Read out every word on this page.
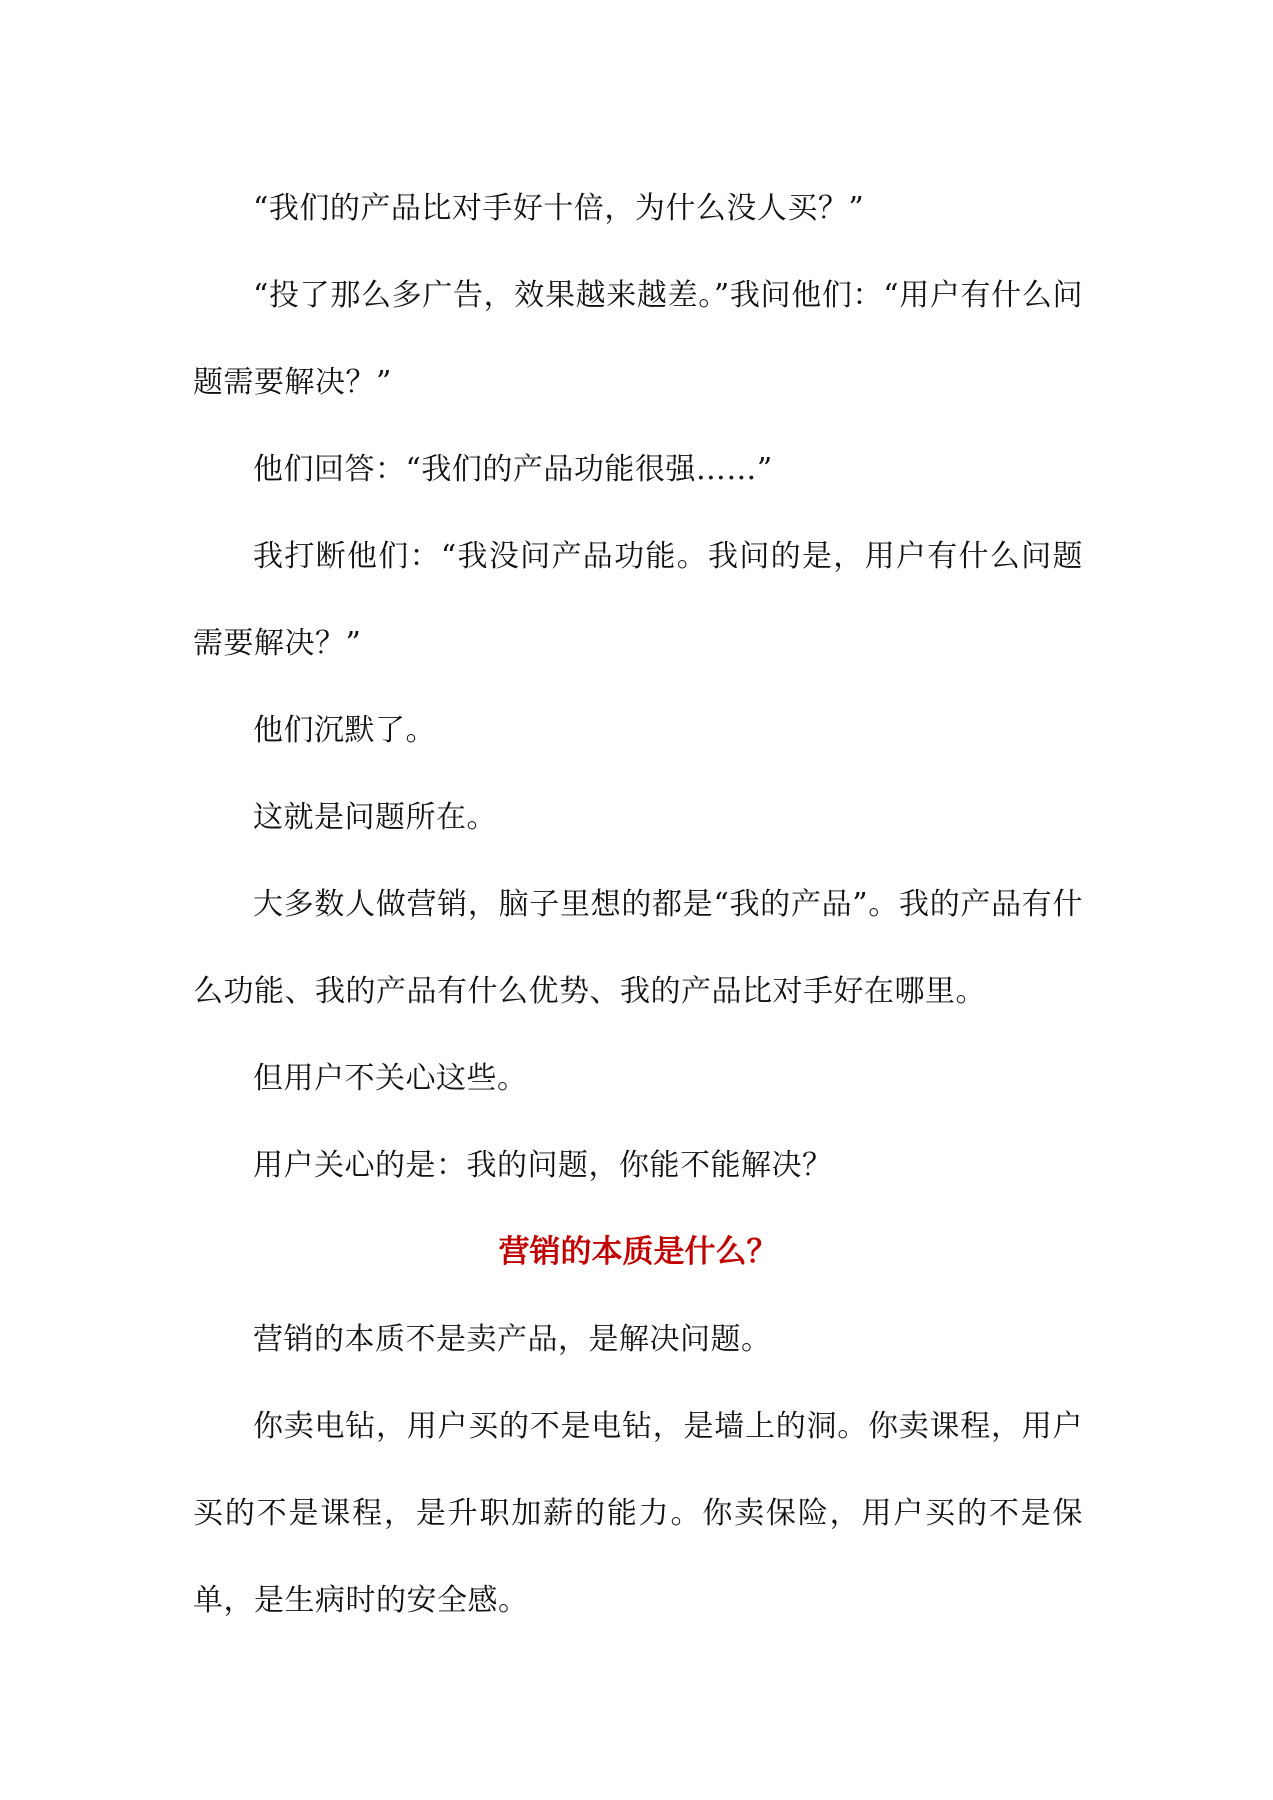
“我们的产品比对手好十倍，为什么没人买？”

“投了那么多广告，效果越来越差。”我问他们：“用户有什么问题需要解决？”

他们回答：“我们的产品功能很强……”

我打断他们：“我没问产品功能。我问的是，用户有什么问题需要解决？”

他们沉默了。

这就是问题所在。

大多数人做营销，脑子里想的都是“我的产品”。我的产品有什么功能、我的产品有什么优势、我的产品比对手好在哪里。

但用户不关心这些。

用户关心的是：我的问题，你能不能解决？

营销的本质是什么？

营销的本质不是卖产品，是解决问题。

你卖电钻，用户买的不是电钻，是墙上的洞。你卖课程，用户买的不是课程，是升职加薪的能力。你卖保险，用户买的不是保单，是生病时的安全感。
